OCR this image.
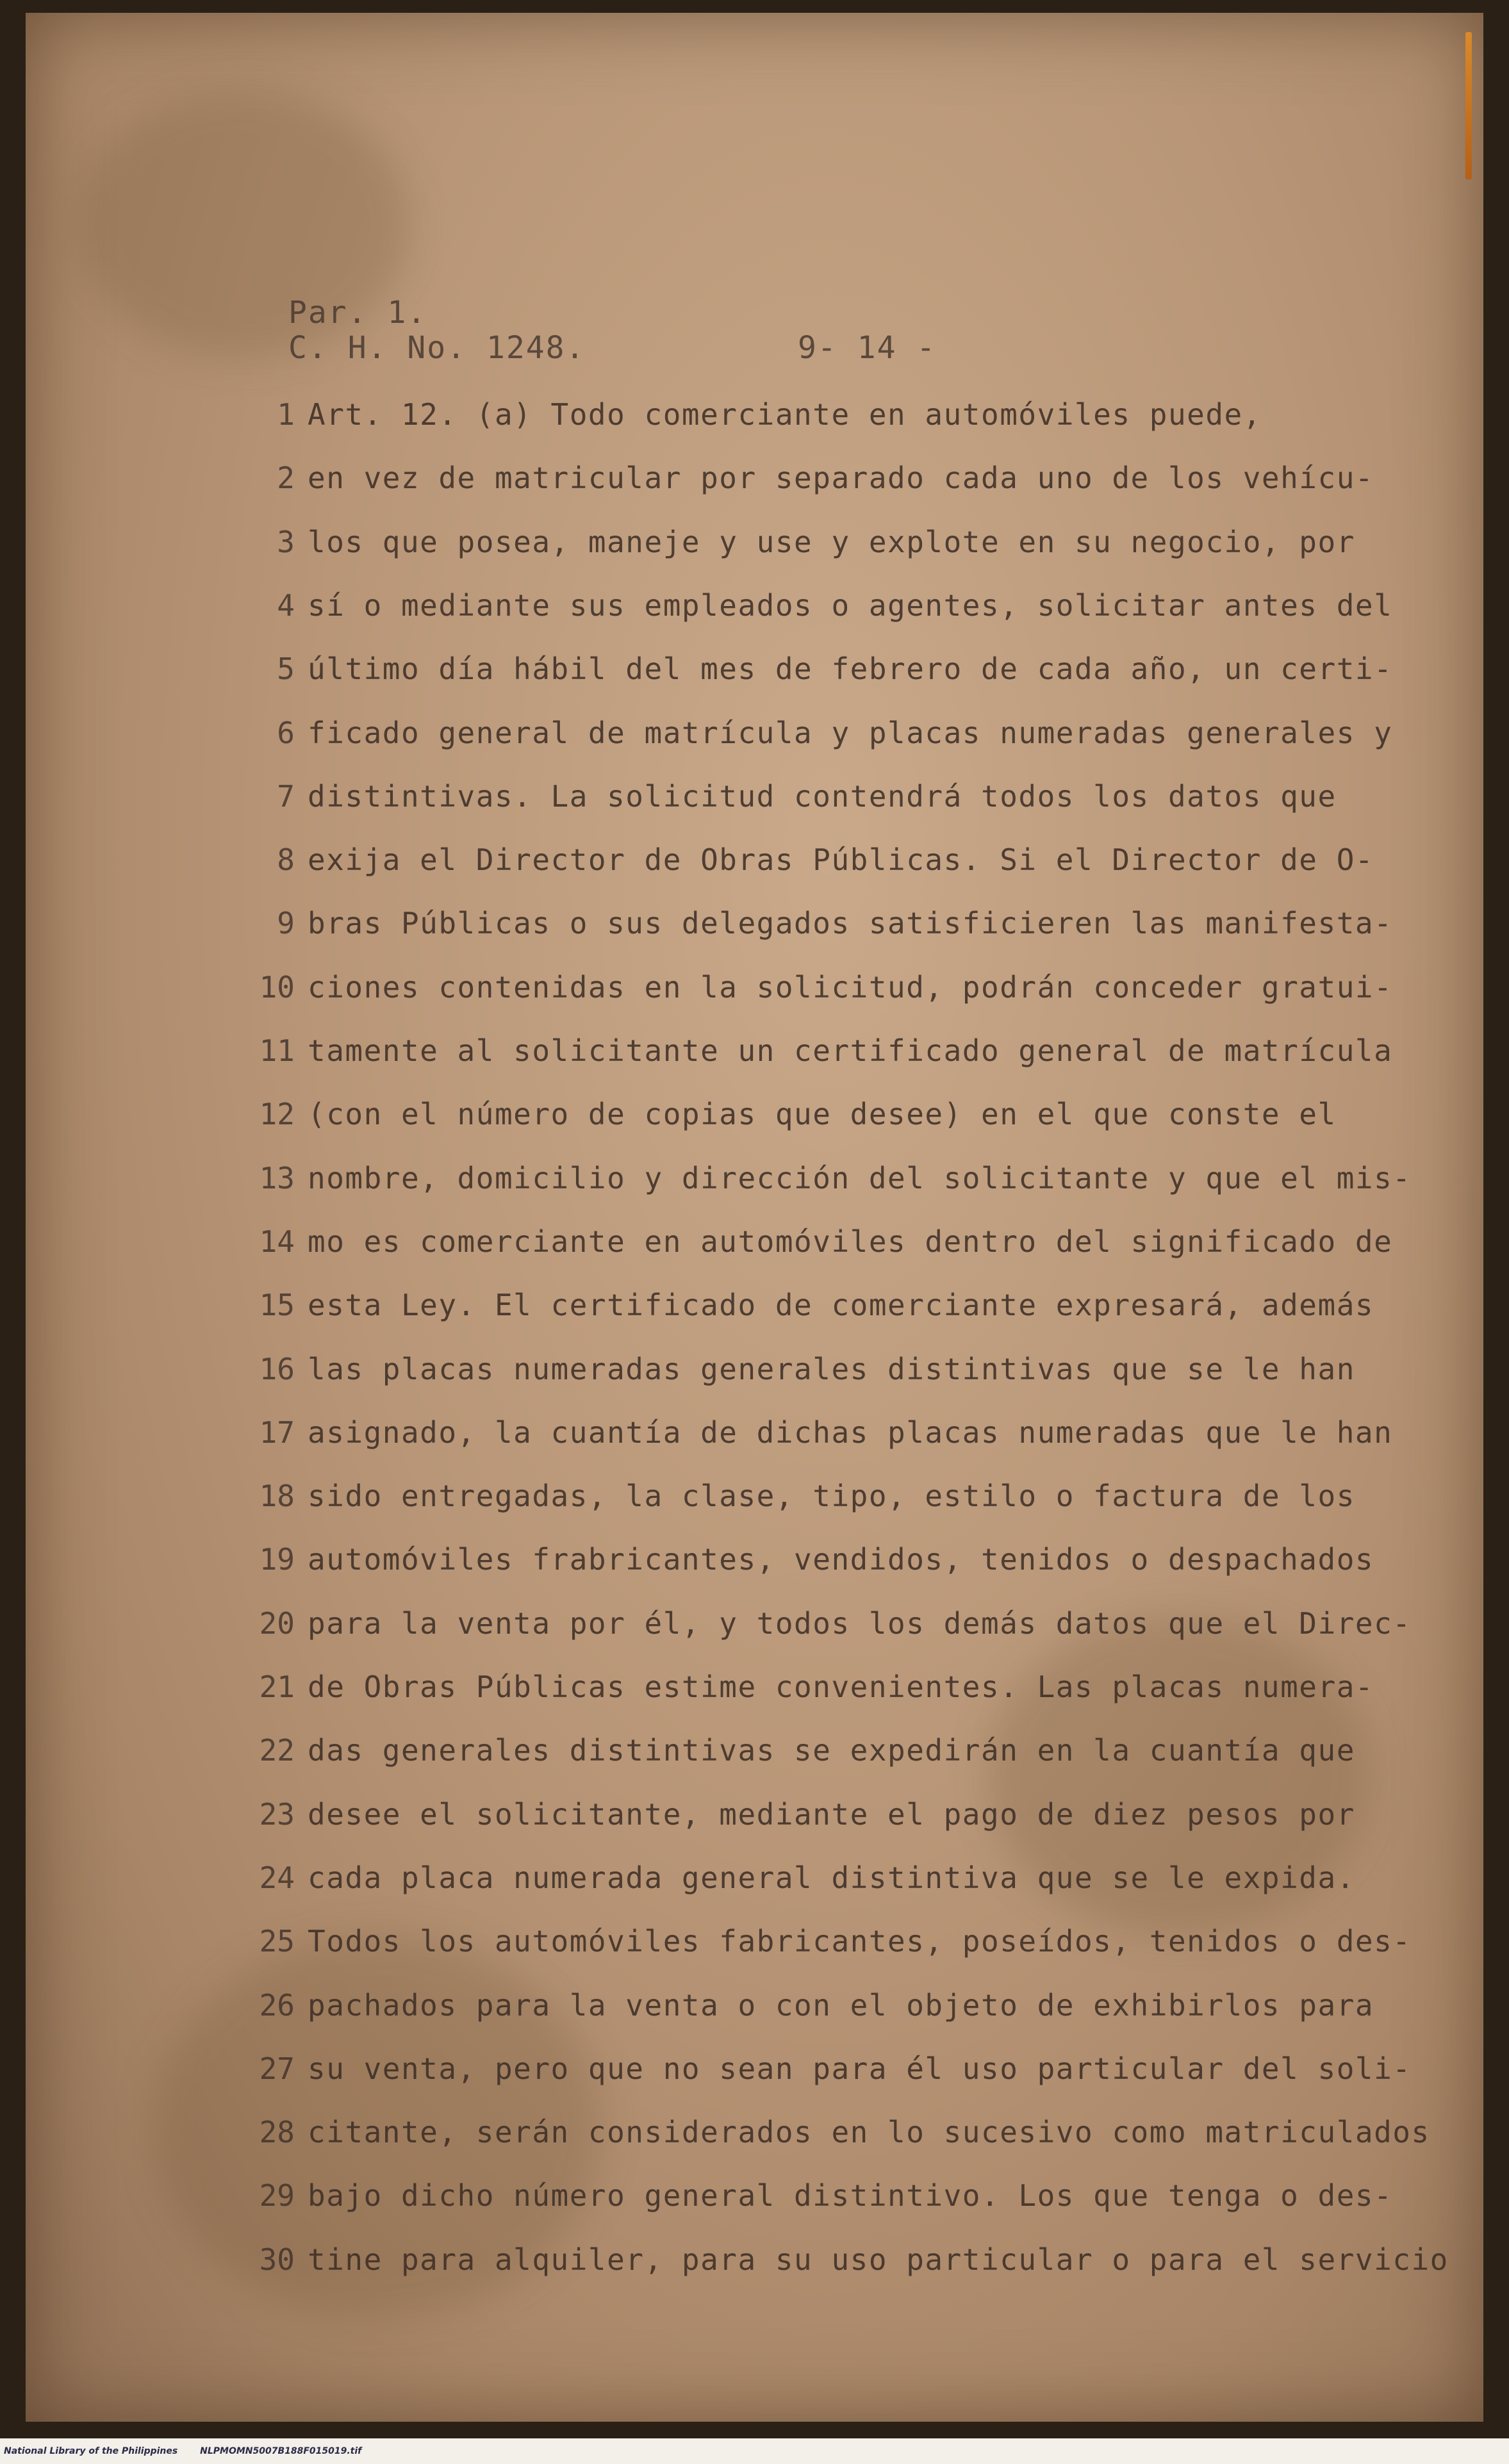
Par. 1.
C. H. No. 1248.	9- 14 -
1 Art. 12. (a) Todo comerciante en automóviles puede,
2 en vez de matricular por separado cada uno de los vehícu-
3 los que posea, maneje y use y explote en su negocio, por
4 sí o mediante sus empleados o agentes, solicitar antes del
5 último día hábil del mes de febrero de cada año, un certi-
6 ficado general de matrícula y placas numeradas generales y
7 distintivas. La solicitud contendrá todos los datos que
8 exija el Director de Obras Públicas. Si el Director de O-
9 bras Públicas o sus delegados satisficieren las manifesta-
10 ciones contenidas en la solicitud, podrán conceder gratui-
11 tamente al solicitante un certificado general de matrícula
12 (con el número de copias que desee) en el que conste el
13 nombre, domicilio y dirección del solicitante y que el mis-
14 mo es comerciante en automóviles dentro del significado de
15 esta Ley. El certificado de comerciante expresará, además
16 las placas numeradas generales distintivas que se le han
17 asignado, la cuantía de dichas placas numeradas que le han
18 sido entregadas, la clase, tipo, estilo o factura de los
19 automóviles frabricantes, vendidos, tenidos o despachados
20 para la venta por él, y todos los demás datos que el Direc-
21 de Obras Públicas estime convenientes. Las placas numera-
22 das generales distintivas se expedirán en la cuantía que
23 desee el solicitante, mediante el pago de diez pesos por
24 cada placa numerada general distintiva que se le expida.
25 Todos los automóviles fabricantes, poseídos, tenidos o des-
26 pachados para la venta o con el objeto de exhibirlos para
27 su venta, pero que no sean para él uso particular del soli-
28 citante, serán considerados en lo sucesivo como matriculados
29 bajo dicho número general distintivo. Los que tenga o des-
30 tine para alquiler, para su uso particular o para el servicio
National Library of the Philippines NLPMOMN5007B188F015019.tif
